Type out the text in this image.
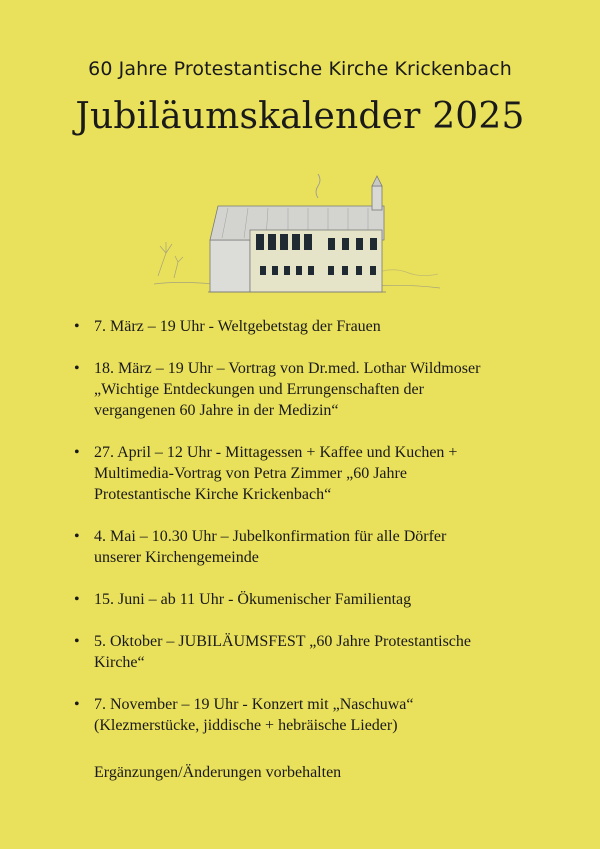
60 Jahre Protestantische Kirche Krickenbach
Jubiläumskalender 2025
• 7. März – 19 Uhr - Weltgebetstag der Frauen
• 18. März – 19 Uhr – Vortrag von Dr.med. Lothar Wildmoser
„Wichtige Entdeckungen und Errungenschaften der
vergangenen 60 Jahre in der Medizin“
• 27. April – 12 Uhr - Mittagessen + Kaffee und Kuchen +
Multimedia-Vortrag von Petra Zimmer „60 Jahre
Protestantische Kirche Krickenbach“
• 4. Mai – 10.30 Uhr – Jubelkonfirmation für alle Dörfer
unserer Kirchengemeinde
• 15. Juni – ab 11 Uhr - Ökumenischer Familientag
• 5. Oktober – JUBILÄUMSFEST „60 Jahre Protestantische
Kirche“
• 7. November – 19 Uhr - Konzert mit „Naschuwa“
(Klezmerstücke, jiddische + hebräische Lieder)
Ergänzungen/Änderungen vorbehalten
